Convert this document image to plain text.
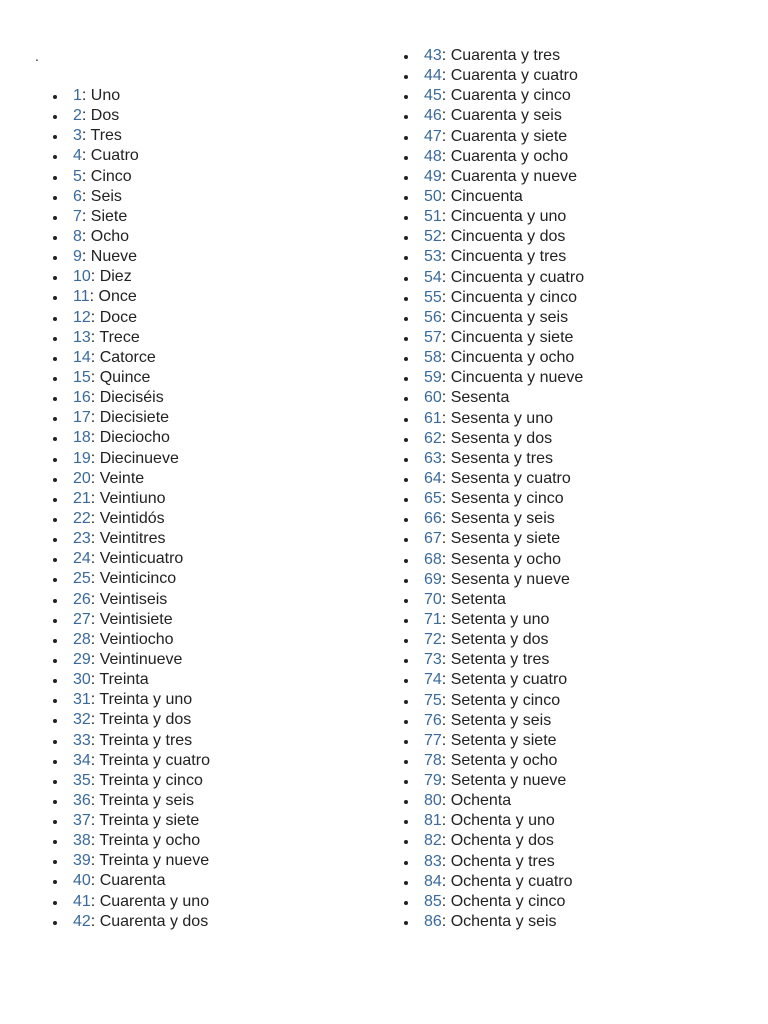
.
1: Uno
2: Dos
3: Tres
4: Cuatro
5: Cinco
6: Seis
7: Siete
8: Ocho
9: Nueve
10: Diez
11: Once
12: Doce
13: Trece
14: Catorce
15: Quince
16: Dieciséis
17: Diecisiete
18: Dieciocho
19: Diecinueve
20: Veinte
21: Veintiuno
22: Veintidós
23: Veintitres
24: Veinticuatro
25: Veinticinco
26: Veintiseis
27: Veintisiete
28: Veintiocho
29: Veintinueve
30: Treinta
31: Treinta y uno
32: Treinta y dos
33: Treinta y tres
34: Treinta y cuatro
35: Treinta y cinco
36: Treinta y seis
37: Treinta y siete
38: Treinta y ocho
39: Treinta y nueve
40: Cuarenta
41: Cuarenta y uno
42: Cuarenta y dos
43: Cuarenta y tres
44: Cuarenta y cuatro
45: Cuarenta y cinco
46: Cuarenta y seis
47: Cuarenta y siete
48: Cuarenta y ocho
49: Cuarenta y nueve
50: Cincuenta
51: Cincuenta y uno
52: Cincuenta y dos
53: Cincuenta y tres
54: Cincuenta y cuatro
55: Cincuenta y cinco
56: Cincuenta y seis
57: Cincuenta y siete
58: Cincuenta y ocho
59: Cincuenta y nueve
60: Sesenta
61: Sesenta y uno
62: Sesenta y dos
63: Sesenta y tres
64: Sesenta y cuatro
65: Sesenta y cinco
66: Sesenta y seis
67: Sesenta y siete
68: Sesenta y ocho
69: Sesenta y nueve
70: Setenta
71: Setenta y uno
72: Setenta y dos
73: Setenta y tres
74: Setenta y cuatro
75: Setenta y cinco
76: Setenta y seis
77: Setenta y siete
78: Setenta y ocho
79: Setenta y nueve
80: Ochenta
81: Ochenta y uno
82: Ochenta y dos
83: Ochenta y tres
84: Ochenta y cuatro
85: Ochenta y cinco
86: Ochenta y seis
